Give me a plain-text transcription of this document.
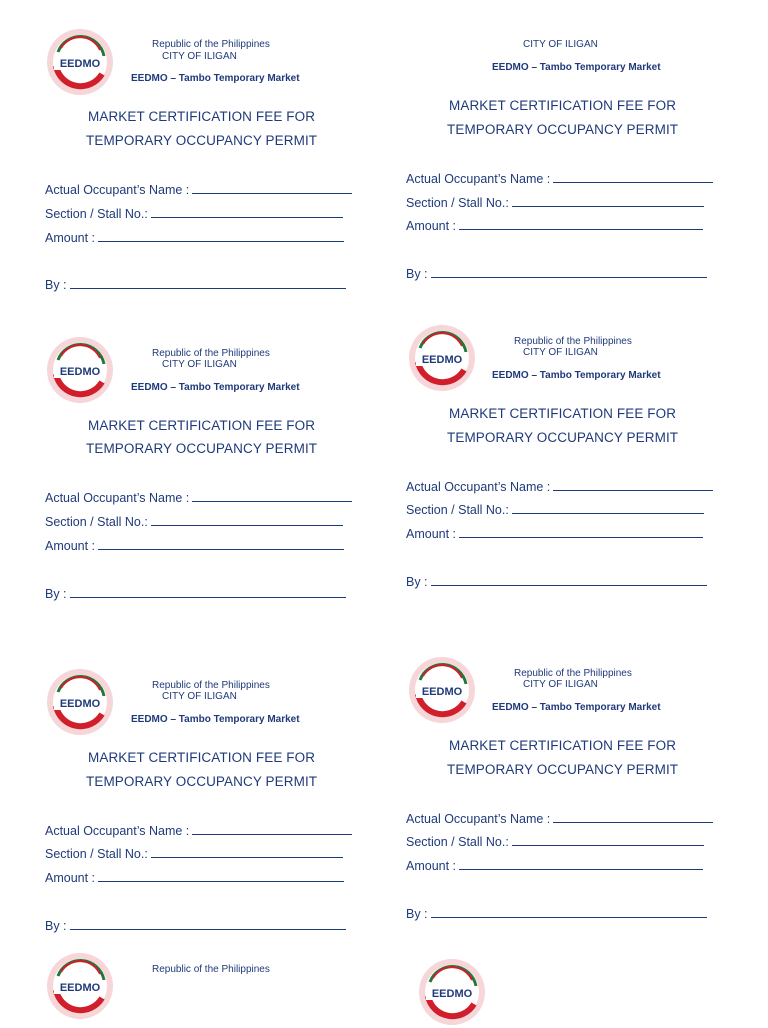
EEDMO
Republic of the Philippines
CITY OF ILIGAN
EEDMO – Tambo Temporary Market
MARKET CERTIFICATION FEE FOR
TEMPORARY OCCUPANCY PERMIT
Actual Occupant’s Name :
Section / Stall No.:
Amount :
By :
CITY OF ILIGAN
EEDMO – Tambo Temporary Market
MARKET CERTIFICATION FEE FOR
TEMPORARY OCCUPANCY PERMIT
Actual Occupant’s Name :
Section / Stall No.:
Amount :
By :
EEDMO
Republic of the Philippines
CITY OF ILIGAN
EEDMO – Tambo Temporary Market
MARKET CERTIFICATION FEE FOR
TEMPORARY OCCUPANCY PERMIT
Actual Occupant’s Name :
Section / Stall No.:
Amount :
By :
EEDMO
Republic of the Philippines
CITY OF ILIGAN
EEDMO – Tambo Temporary Market
MARKET CERTIFICATION FEE FOR
TEMPORARY OCCUPANCY PERMIT
Actual Occupant’s Name :
Section / Stall No.:
Amount :
By :
EEDMO
Republic of the Philippines
CITY OF ILIGAN
EEDMO – Tambo Temporary Market
MARKET CERTIFICATION FEE FOR
TEMPORARY OCCUPANCY PERMIT
Actual Occupant’s Name :
Section / Stall No.:
Amount :
By :
EEDMO
Republic of the Philippines
CITY OF ILIGAN
EEDMO – Tambo Temporary Market
MARKET CERTIFICATION FEE FOR
TEMPORARY OCCUPANCY PERMIT
Actual Occupant’s Name :
Section / Stall No.:
Amount :
By :
EEDMO
Republic of the Philippines
EEDMO
